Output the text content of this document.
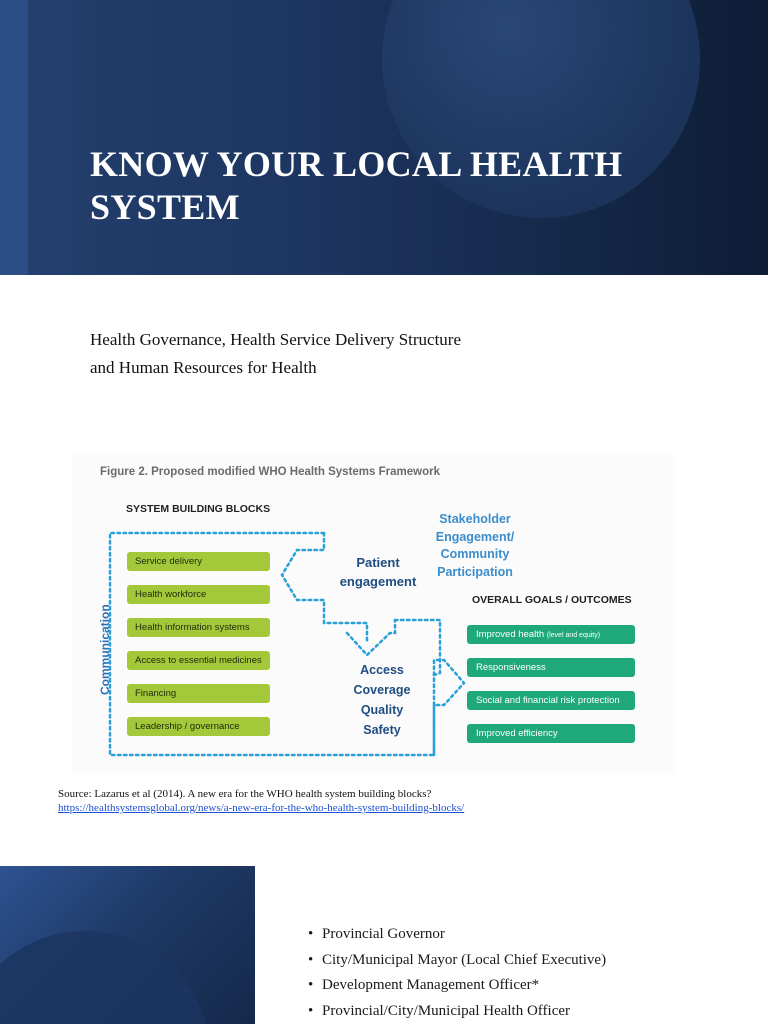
KNOW YOUR LOCAL HEALTH
SYSTEM
Health Governance, Health Service Delivery Structure
and Human Resources for Health
Figure 2. Proposed modified WHO Health Systems Framework
SYSTEM BUILDING BLOCKS
Service delivery
Health workforce
Health information systems
Access to essential medicines
Financing
Leadership / governance
Communication
Patient
engagement
Stakeholder
Engagement/
Community
Participation
Access
Coverage
Quality
Safety
OVERALL GOALS / OUTCOMES
Improved health (level and equity)
Responsiveness
Social and financial risk protection
Improved efficiency
Source: Lazarus et al (2014). A new era for the WHO health system building blocks?
https://healthsystemsglobal.org/news/a-new-era-for-the-who-health-system-building-blocks/
• Provincial Governor
• City/Municipal Mayor (Local Chief Executive)
• Development Management Officer*
• Provincial/City/Municipal Health Officer
